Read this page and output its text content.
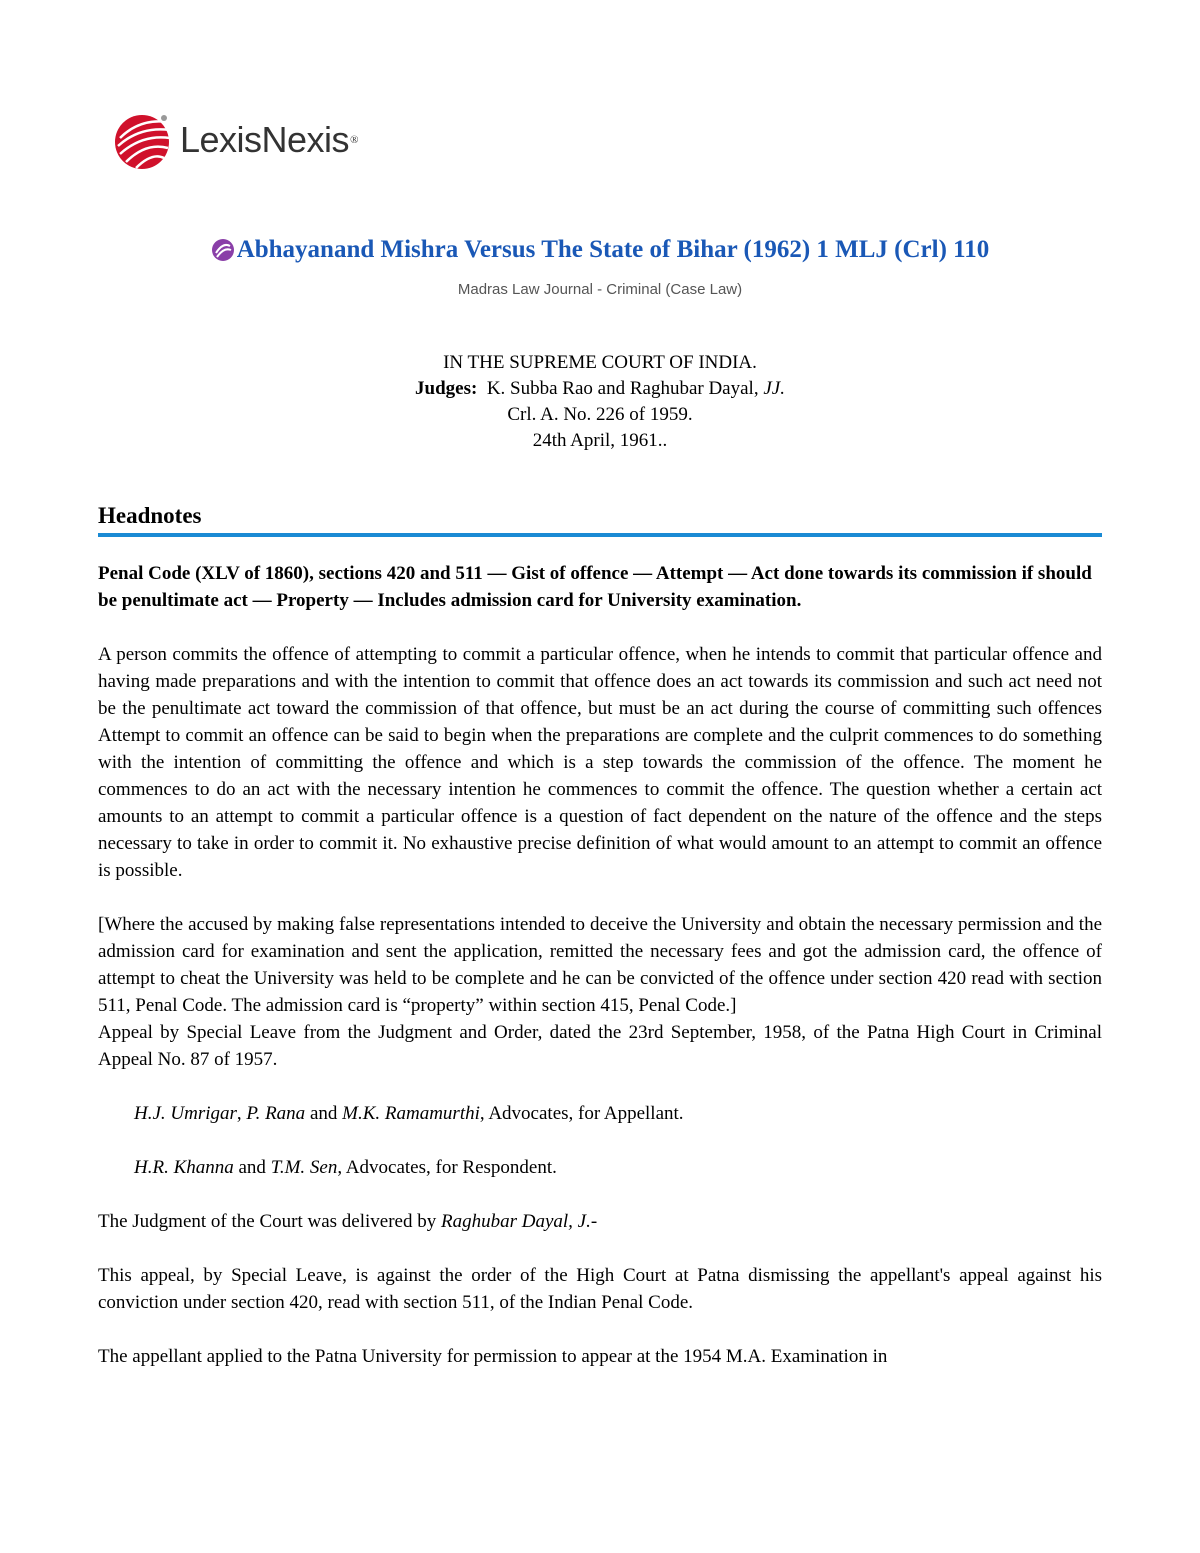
LexisNexis ®
Abhayanand Mishra Versus The State of Bihar (1962) 1 MLJ (Crl) 110
Madras Law Journal - Criminal (Case Law)
IN THE SUPREME COURT OF INDIA.
Judges: K. Subba Rao and Raghubar Dayal, JJ.
Crl. A. No. 226 of 1959.
24th April, 1961..
Headnotes

Penal Code (XLV of 1860), sections 420 and 511 — Gist of offence — Attempt — Act done towards its commission if should be penultimate act — Property — Includes admission card for University examination.

A person commits the offence of attempting to commit a particular offence, when he intends to commit that particular offence and having made preparations and with the intention to commit that offence does an act towards its commission and such act need not be the penultimate act toward the commission of that offence, but must be an act during the course of committing such offences Attempt to commit an offence can be said to begin when the preparations are complete and the culprit commences to do something with the intention of committing the offence and which is a step towards the commission of the offence. The moment he commences to do an act with the necessary intention he commences to commit the offence. The question whether a certain act amounts to an attempt to commit a particular offence is a question of fact dependent on the nature of the offence and the steps necessary to take in order to commit it. No exhaustive precise definition of what would amount to an attempt to commit an offence is possible.

[Where the accused by making false representations intended to deceive the University and obtain the necessary permission and the admission card for examination and sent the application, remitted the necessary fees and got the admission card, the offence of attempt to cheat the University was held to be complete and he can be convicted of the offence under section 420 read with section 511, Penal Code. The admission card is “property” within section 415, Penal Code.]

Appeal by Special Leave from the Judgment and Order, dated the 23rd September, 1958, of the Patna High Court in Criminal Appeal No. 87 of 1957.

H.J. Umrigar, P. Rana and M.K. Ramamurthi, Advocates, for Appellant.

H.R. Khanna and T.M. Sen, Advocates, for Respondent.

The Judgment of the Court was delivered by Raghubar Dayal, J.-

This appeal, by Special Leave, is against the order of the High Court at Patna dismissing the appellant's appeal against his conviction under section 420, read with section 511, of the Indian Penal Code.

The appellant applied to the Patna University for permission to appear at the 1954 M.A. Examination in
